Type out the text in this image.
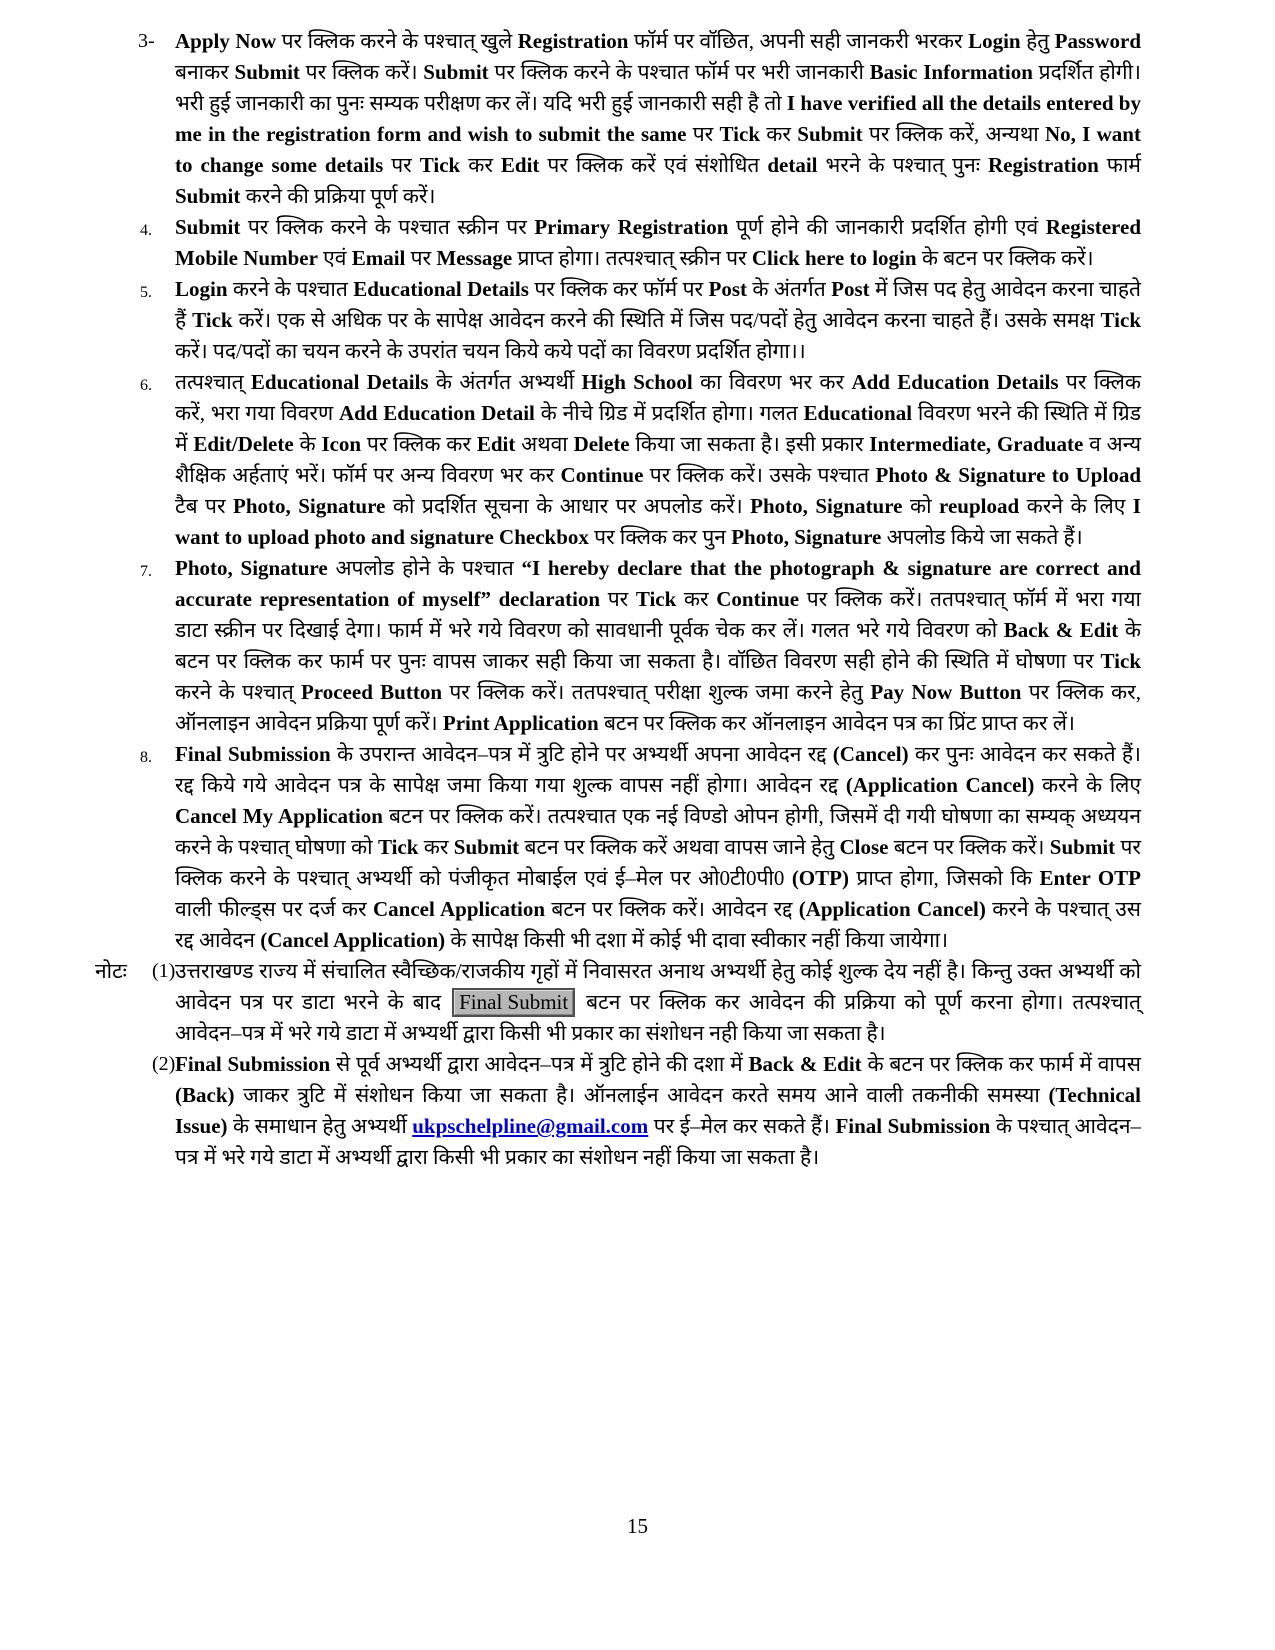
3- Apply Now पर क्लिक करने के पश्चात् खुले Registration फॉर्म पर वॉछित, अपनी सही जानकरी भरकर Login हेतु Password बनाकर Submit पर क्लिक करें। Submit पर क्लिक करने के पश्चात फॉर्म पर भरी जानकारी Basic Information प्रदर्शित होगी। भरी हुई जानकारी का पुनः सम्यक परीक्षण कर लें। यदि भरी हुई जानकारी सही है तो I have verified all the details entered by me in the registration form and wish to submit the same पर Tick कर Submit पर क्लिक करें, अन्यथा No, I want to change some details पर Tick कर Edit पर क्लिक करें एवं संशोधित detail भरने के पश्चात् पुनः Registration फार्म Submit करने की प्रक्रिया पूर्ण करें।
4. Submit पर क्लिक करने के पश्चात स्क्रीन पर Primary Registration पूर्ण होने की जानकारी प्रदर्शित होगी एवं Registered Mobile Number एवं Email पर Message प्राप्त होगा। तत्पश्चात् स्क्रीन पर Click here to login के बटन पर क्लिक करें।
5. Login करने के पश्चात Educational Details पर क्लिक कर फॉर्म पर Post के अंतर्गत Post में जिस पद हेतु आवेदन करना चाहते हैं Tick करें। एक से अधिक पर के सापेक्ष आवेदन करने की स्थिति में जिस पद/पदों हेतु आवेदन करना चाहते हैं। उसके समक्ष Tick करें। पद/पदों का चयन करने के उपरांत चयन किये कये पदों का विवरण प्रदर्शित होगा।।
6. तत्पश्चात् Educational Details के अंतर्गत अभ्यर्थी High School का विवरण भर कर Add Education Details पर क्लिक करें, भरा गया विवरण Add Education Detail के नीचे ग्रिड में प्रदर्शित होगा। गलत Educational विवरण भरने की स्थिति में ग्रिड में Edit/Delete के Icon पर क्लिक कर Edit अथवा Delete किया जा सकता है। इसी प्रकार Intermediate, Graduate व अन्य शैक्षिक अर्हताएं भरें। फॉर्म पर अन्य विवरण भर कर Continue पर क्लिक करें। उसके पश्चात Photo & Signature to Upload टैब पर Photo, Signature को प्रदर्शित सूचना के आधार पर अपलोड करें। Photo, Signature को reupload करने के लिए I want to upload photo and signature Checkbox पर क्लिक कर पुन Photo, Signature अपलोड किये जा सकते हैं।
7. Photo, Signature अपलोड होने के पश्चात “I hereby declare that the photograph & signature are correct and accurate representation of myself” declaration पर Tick कर Continue पर क्लिक करें। ततपश्चात् फॉर्म में भरा गया डाटा स्क्रीन पर दिखाई देगा। फार्म में भरे गये विवरण को सावधानी पूर्वक चेक कर लें। गलत भरे गये विवरण को Back & Edit के बटन पर क्लिक कर फार्म पर पुनः वापस जाकर सही किया जा सकता है। वॉछित विवरण सही होने की स्थिति में घोषणा पर Tick करने के पश्चात् Proceed Button पर क्लिक करें। ततपश्चात् परीक्षा शुल्क जमा करने हेतु Pay Now Button पर क्लिक कर, ऑनलाइन आवेदन प्रक्रिया पूर्ण करें। Print Application बटन पर क्लिक कर ऑनलाइन आवेदन पत्र का प्रिंट प्राप्त कर लें।
8. Final Submission के उपरान्त आवेदन–पत्र में त्रुटि होने पर अभ्यर्थी अपना आवेदन रद्द (Cancel) कर पुनः आवेदन कर सकते हैं। रद्द किये गये आवेदन पत्र के सापेक्ष जमा किया गया शुल्क वापस नहीं होगा। आवेदन रद्द (Application Cancel) करने के लिए Cancel My Application बटन पर क्लिक करें। तत्पश्चात एक नई विण्डो ओपन होगी, जिसमें दी गयी घोषणा का सम्यक् अध्ययन करने के पश्चात् घोषणा को Tick कर Submit बटन पर क्लिक करें अथवा वापस जाने हेतु Close बटन पर क्लिक करें। Submit पर क्लिक करने के पश्चात् अभ्यर्थी को पंजीकृत मोबाईल एवं ई–मेल पर ओ0टी0पी0 (OTP) प्राप्त होगा, जिसको कि Enter OTP वाली फील्ड्स पर दर्ज कर Cancel Application बटन पर क्लिक करें। आवेदन रद्द (Application Cancel) करने के पश्चात् उस रद्द आवेदन (Cancel Application) के सापेक्ष किसी भी दशा में कोई भी दावा स्वीकार नहीं किया जायेगा।
नोटः (1) उत्तराखण्ड राज्य में संचालित स्वैच्छिक/राजकीय गृहों में निवासरत अनाथ अभ्यर्थी हेतु कोई शुल्क देय नहीं है। किन्तु उक्त अभ्यर्थी को आवेदन पत्र पर डाटा भरने के बाद Final Submit बटन पर क्लिक कर आवेदन की प्रक्रिया को पूर्ण करना होगा। तत्पश्चात् आवेदन–पत्र में भरे गये डाटा में अभ्यर्थी द्वारा किसी भी प्रकार का संशोधन नही किया जा सकता है।
(2) Final Submission से पूर्व अभ्यर्थी द्वारा आवेदन–पत्र में त्रुटि होने की दशा में Back & Edit के बटन पर क्लिक कर फार्म में वापस (Back) जाकर त्रुटि में संशोधन किया जा सकता है। ऑनलाईन आवेदन करते समय आने वाली तकनीकी समस्या (Technical Issue) के समाधान हेतु अभ्यर्थी ukpschelpline@gmail.com पर ई–मेल कर सकते हैं। Final Submission के पश्चात् आवेदन–पत्र में भरे गये डाटा में अभ्यर्थी द्वारा किसी भी प्रकार का संशोधन नहीं किया जा सकता है।
15
